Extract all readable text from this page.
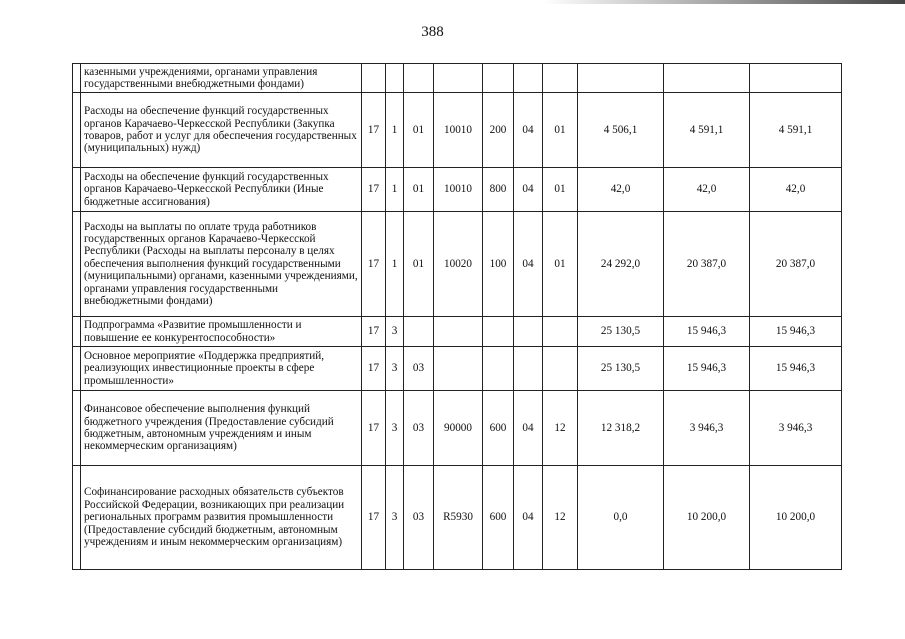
388
	казенными учреждениями, органами управления государственными внебюджетными фондами)										
	Расходы на обеспечение функций государственных органов Карачаево-Черкесской Республики (Закупка товаров, работ и услуг для обеспечения государственных (муниципальных) нужд)	17	1	01	10010	200	04	01	4 506,1	4 591,1	4 591,1
	Расходы на обеспечение функций государственных органов Карачаево-Черкесской Республики (Иные бюджетные ассигнования)	17	1	01	10010	800	04	01	42,0	42,0	42,0
	Расходы на выплаты по оплате труда работников государственных органов Карачаево-Черкесской Республики (Расходы на выплаты персоналу в целях обеспечения выполнения функций государственными (муниципальными) органами, казенными учреждениями, органами управления государственными внебюджетными фондами)	17	1	01	10020	100	04	01	24 292,0	20 387,0	20 387,0
	Подпрограмма «Развитие промышленности и повышение ее конкурентоспособности»	17	3						25 130,5	15 946,3	15 946,3
	Основное мероприятие «Поддержка предприятий, реализующих инвестиционные проекты в сфере промышленности»	17	3	03					25 130,5	15 946,3	15 946,3
	Финансовое обеспечение выполнения функций бюджетного учреждения (Предоставление субсидий бюджетным, автономным учреждениям и иным некоммерческим организациям)	17	3	03	90000	600	04	12	12 318,2	3 946,3	3 946,3
	Софинансирование расходных обязательств субъектов Российской Федерации, возникающих при реализации региональных программ развития промышленности (Предоставление субсидий бюджетным, автономным учреждениям и иным некоммерческим организациям)	17	3	03	R5930	600	04	12	0,0	10 200,0	10 200,0
